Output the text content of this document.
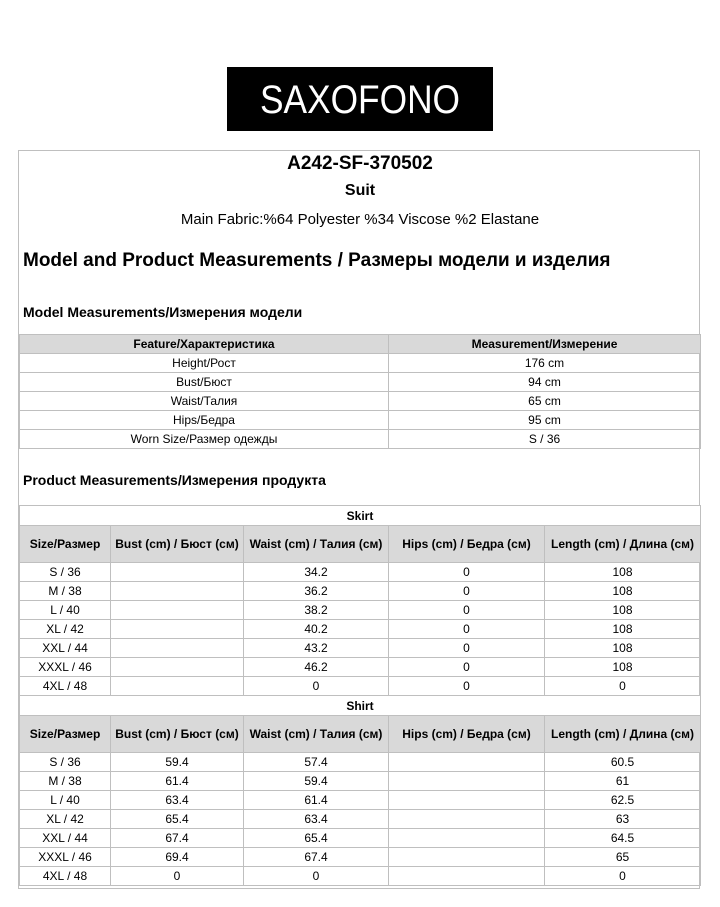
SAXOFONO
A242-SF-370502
Suit
Main Fabric:%64 Polyester %34 Viscose %2 Elastane
Model and Product Measurements / Размеры модели и изделия
Model Measurements/Измерения модели
Feature/Характеристика	Measurement/Измерение
Height/Рост	176 cm
Bust/Бюст	94 cm
Waist/Талия	65 cm
Hips/Бедра	95 cm
Worn Size/Размер одежды	S / 36
Product Measurements/Измерения продукта
Skirt				
Size/Размер	Bust (cm) / Бюст (см)	Waist (cm) / Талия (см)	Hips (cm) / Бедра (см)	Length (cm) / Длина (см)
S / 36		34.2	0	108
M / 38		36.2	0	108
L / 40		38.2	0	108
XL / 42		40.2	0	108
XXL / 44		43.2	0	108
XXXL / 46		46.2	0	108
4XL / 48		0	0	0
Shirt				
Size/Размер	Bust (cm) / Бюст (см)	Waist (cm) / Талия (см)	Hips (cm) / Бедра (см)	Length (cm) / Длина (см)
S / 36	59.4	57.4		60.5
M / 38	61.4	59.4		61
L / 40	63.4	61.4		62.5
XL / 42	65.4	63.4		63
XXL / 44	67.4	65.4		64.5
XXXL / 46	69.4	67.4		65
4XL / 48	0	0		0
